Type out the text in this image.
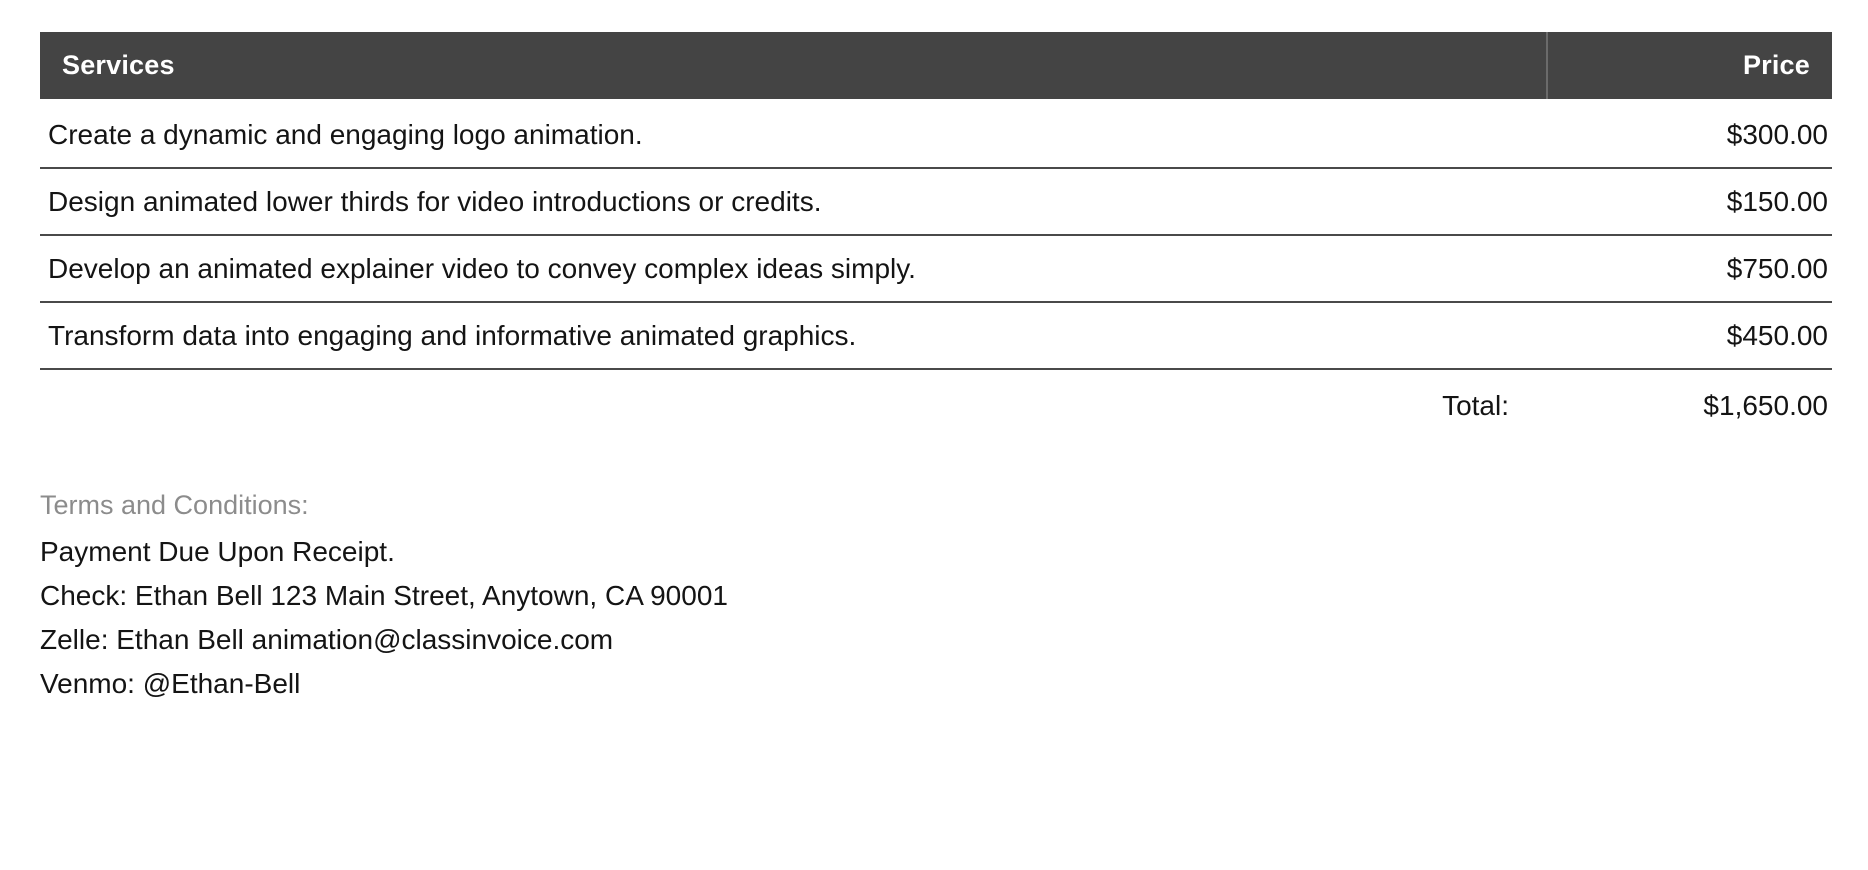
Services	Price
Create a dynamic and engaging logo animation.	$300.00
Design animated lower thirds for video introductions or credits.	$150.00
Develop an animated explainer video to convey complex ideas simply.	$750.00
Transform data into engaging and informative animated graphics.	$450.00
Total:	$1,650.00
Terms and Conditions:

Payment Due Upon Receipt.

Check: Ethan Bell 123 Main Street, Anytown, CA 90001

Zelle: Ethan Bell animation@classinvoice.com

Venmo: @Ethan-Bell
